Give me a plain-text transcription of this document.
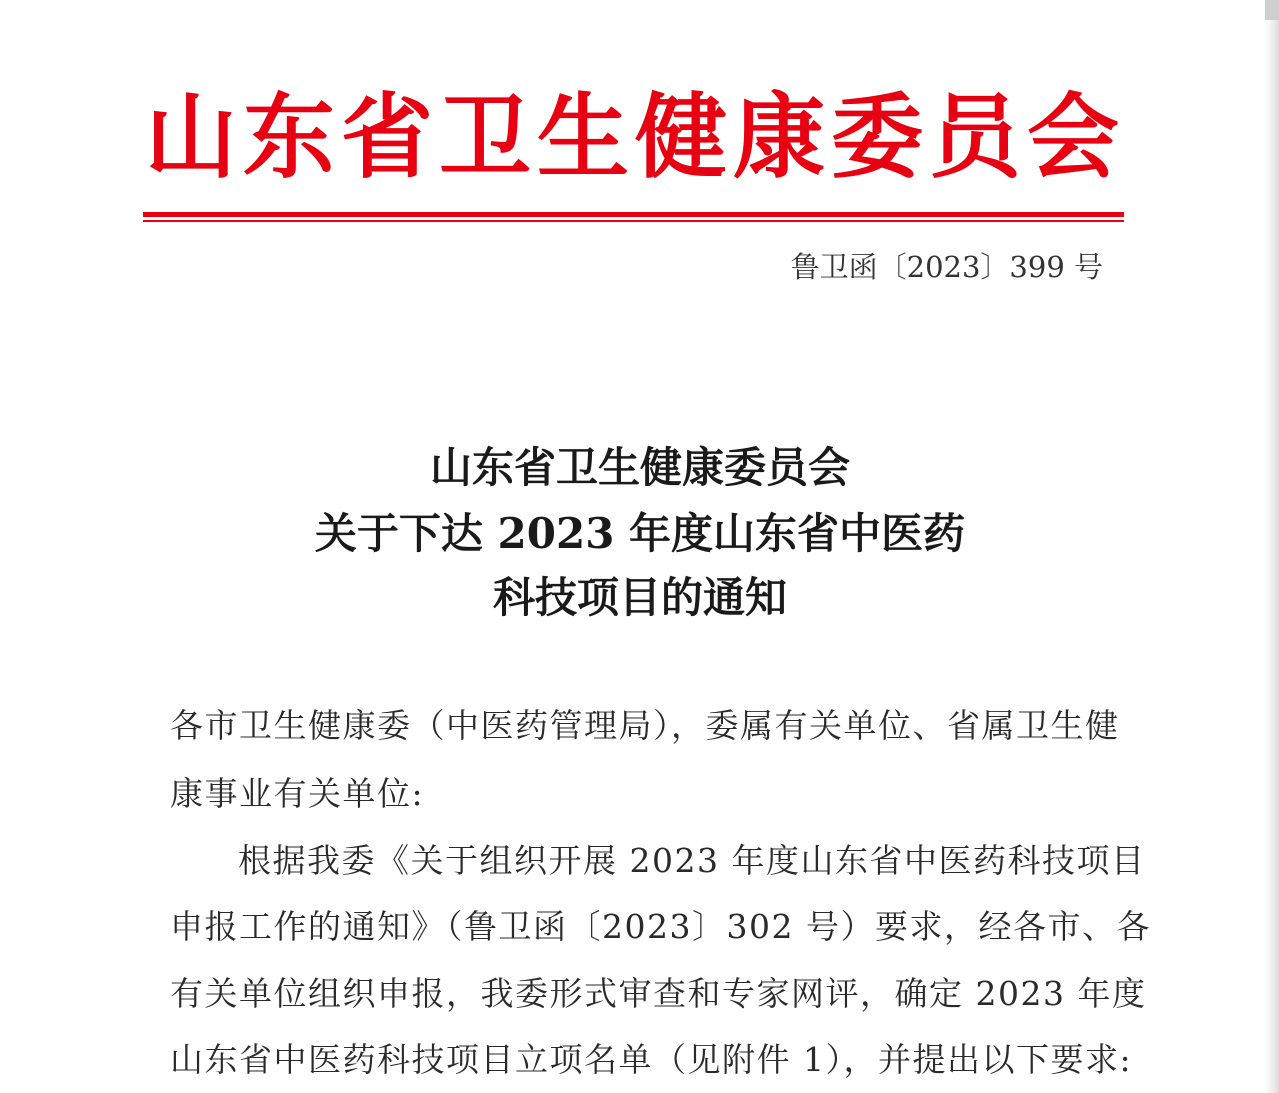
山东省卫生健康委员会
鲁卫函〔2023〕399 号
山东省卫生健康委员会
关于下达 2023 年度山东省中医药
科技项目的通知
各市卫生健康委（中医药管理局），委属有关单位、省属卫生健
康事业有关单位:
根据我委《关于组织开展 2023 年度山东省中医药科技项目
申报工作的通知》（鲁卫函〔2023〕302 号）要求，经各市、各
有关单位组织申报，我委形式审查和专家网评，确定 2023 年度
山东省中医药科技项目立项名单（见附件 1），并提出以下要求:
